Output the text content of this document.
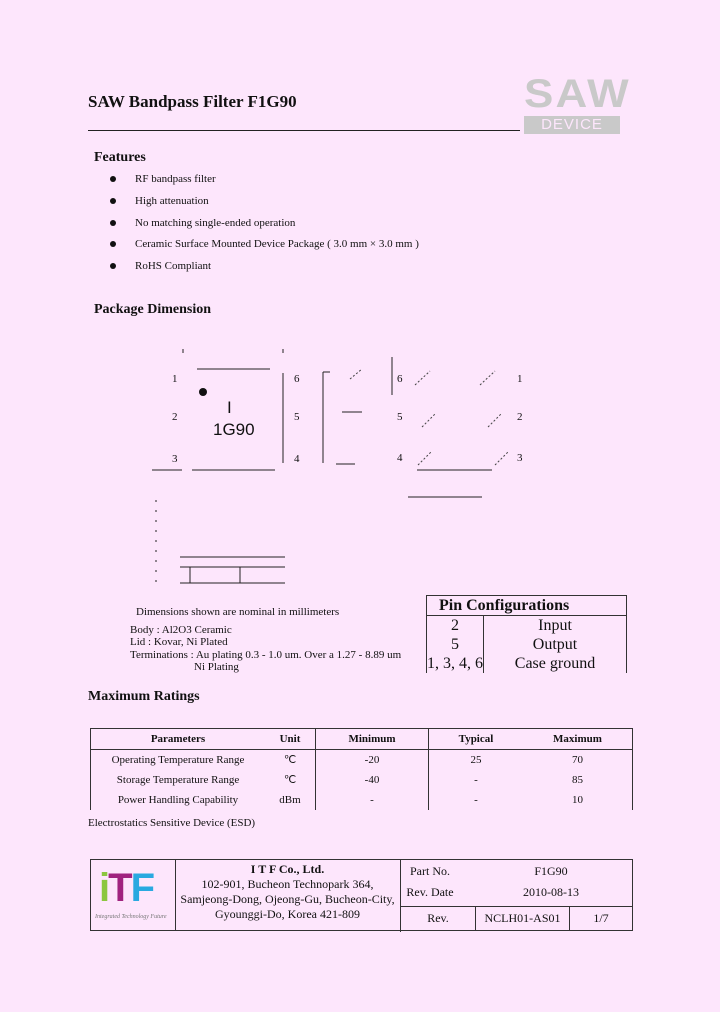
SAW Bandpass Filter F1G90	SAW
DEVICE
Features
RF bandpass filter
High attenuation
No matching single-ended operation
Ceramic Surface Mounted Device Package ( 3.0 mm × 3.0 mm )
RoHS Compliant
Package Dimension
1
2
3
6
5
4
I
1G90
6
5
4
1
2
3
Dimensions shown are nominal in millimeters
Body : Al2O3 Ceramic
Lid : Kovar, Ni Plated
Terminations : Au plating 0.3 - 1.0 um. Over a 1.27 - 8.89 um
Ni Plating
Pin Configurations
2	Input
5	Output
1, 3, 4, 6	Case ground
Maximum Ratings
Parameters	Unit	Minimum	Typical	Maximum
Operating Temperature Range	℃	-20	25	70
Storage Temperature Range	℃	-40	-	85
Power Handling Capability	dBm	-	-	10
Electrostatics Sensitive Device (ESD)
iTF
Integrated Technology Future
I T F Co., Ltd.
102-901, Bucheon Technopark 364,
Samjeong-Dong, Ojeong-Gu, Bucheon-City,
Gyounggi-Do, Korea 421-809
Part No.	F1G90
Rev. Date	2010-08-13
Rev.	NCLH01-AS01	1/7
